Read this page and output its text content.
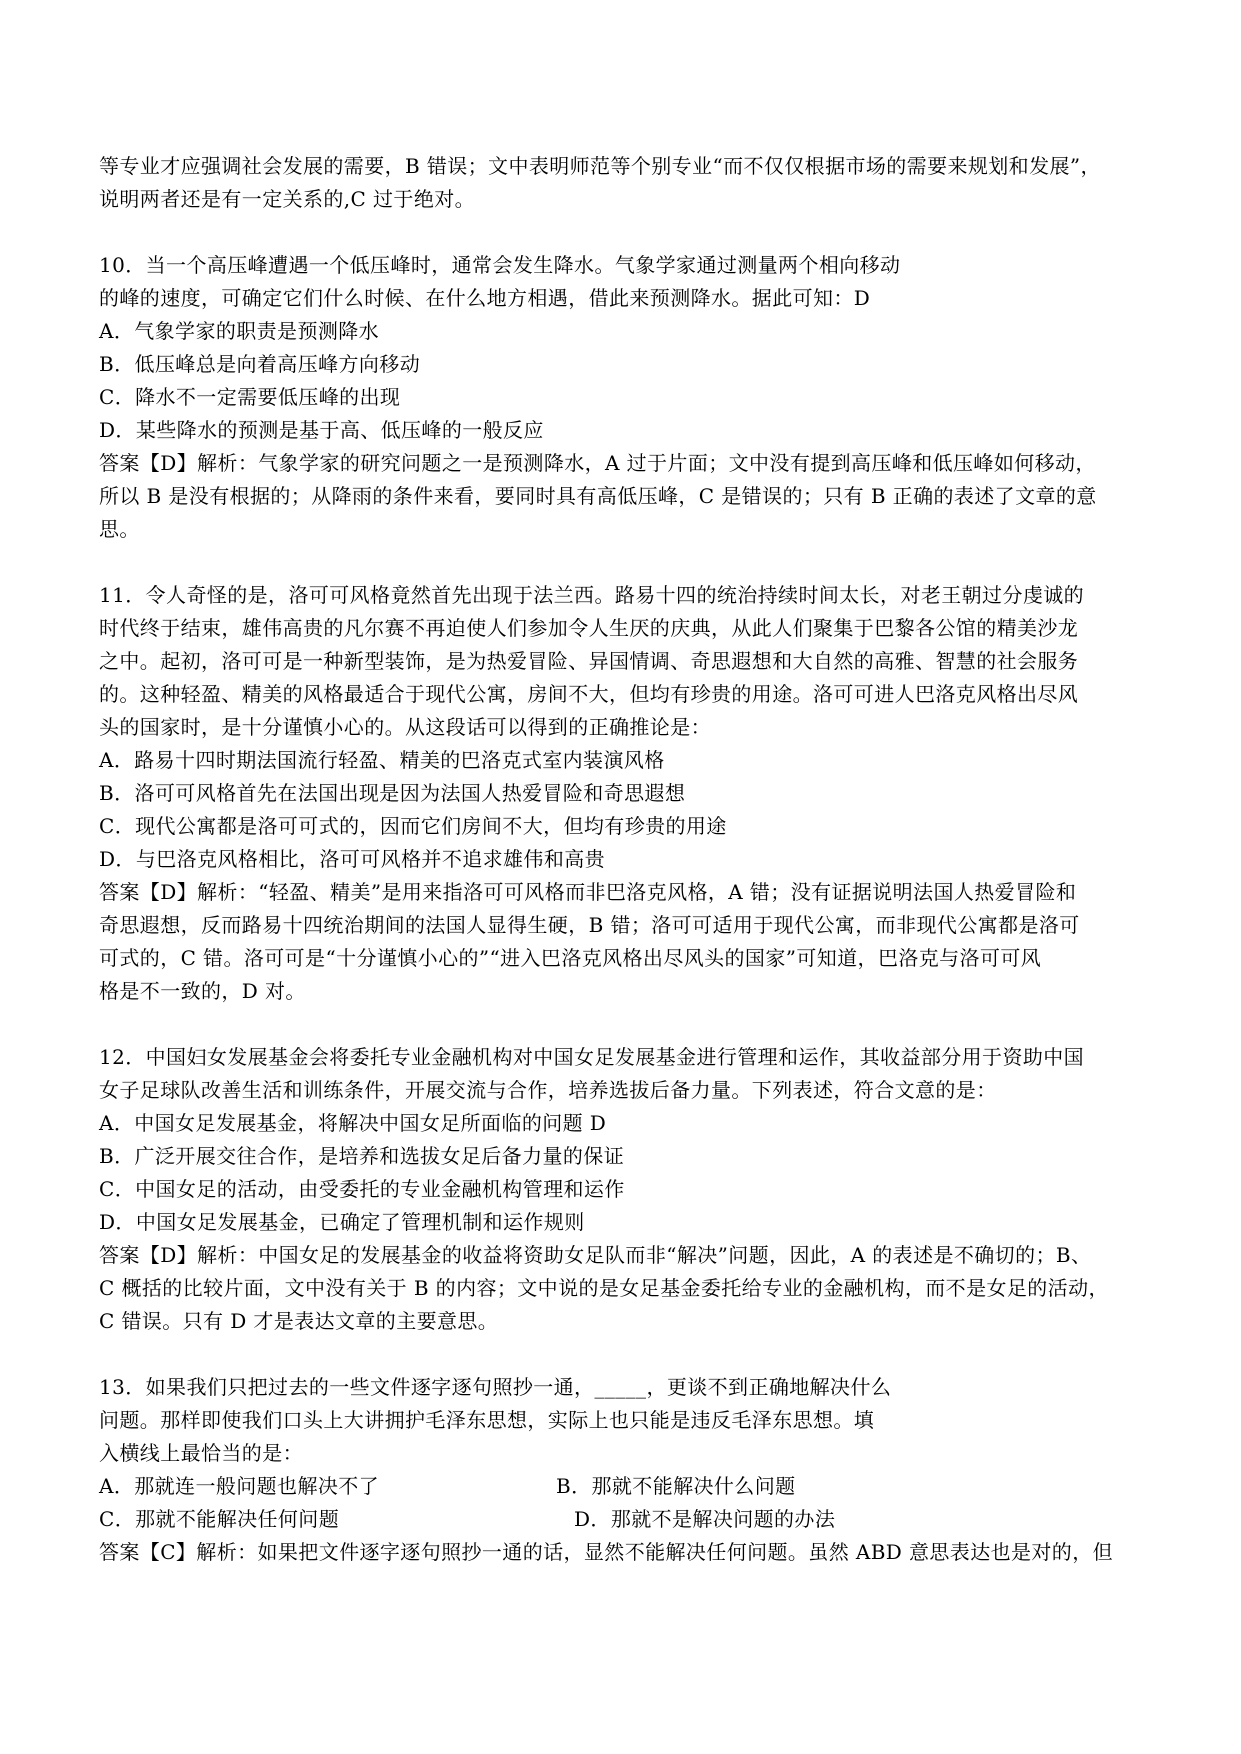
等专业才应强调社会发展的需要，B 错误；文中表明师范等个别专业“而不仅仅根据市场的需要来规划和发展”，
说明两者还是有一定关系的,C 过于绝对。
10．当一个高压峰遭遇一个低压峰时，通常会发生降水。气象学家通过测量两个相向移动
的峰的速度，可确定它们什么时候、在什么地方相遇，借此来预测降水。据此可知：D
A．气象学家的职责是预测降水
B．低压峰总是向着高压峰方向移动
C．降水不一定需要低压峰的出现
D．某些降水的预测是基于高、低压峰的一般反应
答案【D】解析：气象学家的研究问题之一是预测降水，A 过于片面；文中没有提到高压峰和低压峰如何移动，
所以 B 是没有根据的；从降雨的条件来看，要同时具有高低压峰，C 是错误的；只有 B 正确的表述了文章的意
思。
11．令人奇怪的是，洛可可风格竟然首先出现于法兰西。路易十四的统治持续时间太长，对老王朝过分虔诚的
时代终于结束，雄伟高贵的凡尔赛不再迫使人们参加令人生厌的庆典，从此人们聚集于巴黎各公馆的精美沙龙
之中。起初，洛可可是一种新型装饰，是为热爱冒险、异国情调、奇思遐想和大自然的高雅、智慧的社会服务
的。这种轻盈、精美的风格最适合于现代公寓，房间不大，但均有珍贵的用途。洛可可进人巴洛克风格出尽风
头的国家时，是十分谨慎小心的。从这段话可以得到的正确推论是：
A．路易十四时期法国流行轻盈、精美的巴洛克式室内装演风格
B．洛可可风格首先在法国出现是因为法国人热爱冒险和奇思遐想
C．现代公寓都是洛可可式的，因而它们房间不大，但均有珍贵的用途
D．与巴洛克风格相比，洛可可风格并不追求雄伟和高贵
答案【D】解析：“轻盈、精美”是用来指洛可可风格而非巴洛克风格，A 错；没有证据说明法国人热爱冒险和
奇思遐想，反而路易十四统治期间的法国人显得生硬，B 错；洛可可适用于现代公寓，而非现代公寓都是洛可
可式的，C 错。洛可可是“十分谨慎小心的”“进入巴洛克风格出尽风头的国家”可知道，巴洛克与洛可可风
格是不一致的，D 对。
12．中国妇女发展基金会将委托专业金融机构对中国女足发展基金进行管理和运作，其收益部分用于资助中国
女子足球队改善生活和训练条件，开展交流与合作，培养选拔后备力量。下列表述，符合文意的是：
A．中国女足发展基金，将解决中国女足所面临的问题 D
B．广泛开展交往合作，是培养和选拔女足后备力量的保证
C．中国女足的活动，由受委托的专业金融机构管理和运作
D．中国女足发展基金，已确定了管理机制和运作规则
答案【D】解析：中国女足的发展基金的收益将资助女足队而非“解决”问题，因此，A 的表述是不确切的；B、
C 概括的比较片面，文中没有关于 B 的内容；文中说的是女足基金委托给专业的金融机构，而不是女足的活动，
C 错误。只有 D 才是表达文章的主要意思。
13．如果我们只把过去的一些文件逐字逐句照抄一通，_____，更谈不到正确地解决什么
问题。那样即使我们口头上大讲拥护毛泽东思想，实际上也只能是违反毛泽东思想。填
入横线上最恰当的是：
A．那就连一般问题也解决不了	B．那就不能解决什么问题
C．那就不能解决任何问题	D．那就不是解决问题的办法
答案【C】解析：如果把文件逐字逐句照抄一通的话，显然不能解决任何问题。虽然 ABD 意思表达也是对的，但
